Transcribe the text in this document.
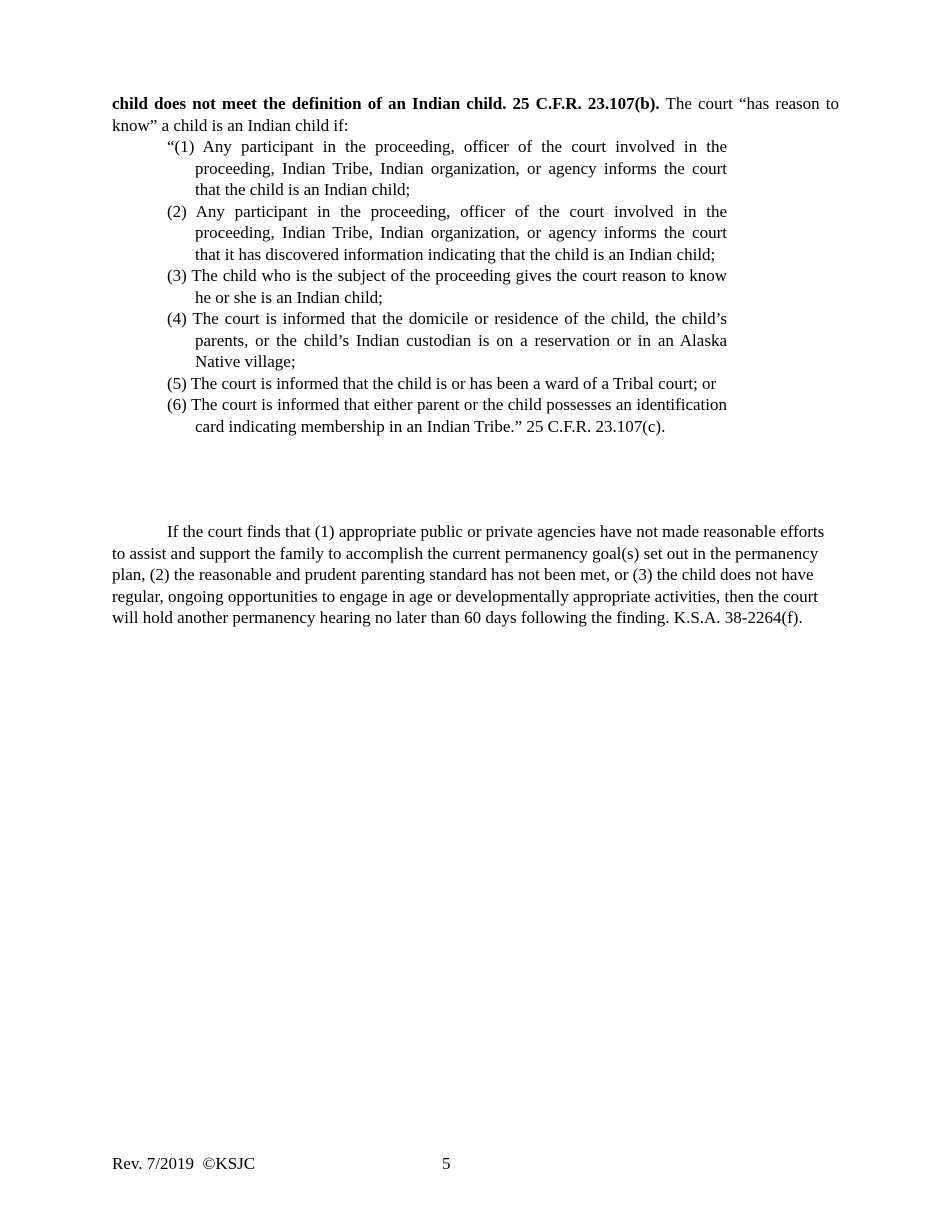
child does not meet the definition of an Indian child. 25 C.F.R. 23.107(b). The court “has reason to know” a child is an Indian child if:

“(1) Any participant in the proceeding, officer of the court involved in the proceeding, Indian Tribe, Indian organization, or agency informs the court that the child is an Indian child;
(2) Any participant in the proceeding, officer of the court involved in the proceeding, Indian Tribe, Indian organization, or agency informs the court that it has discovered information indicating that the child is an Indian child;
(3) The child who is the subject of the proceeding gives the court reason to know he or she is an Indian child;
(4) The court is informed that the domicile or residence of the child, the child’s parents, or the child’s Indian custodian is on a reservation or in an Alaska Native village;
(5) The court is informed that the child is or has been a ward of a Tribal court; or
(6) The court is informed that either parent or the child possesses an identification card indicating membership in an Indian Tribe.” 25 C.F.R. 23.107(c).

If the court finds that (1) appropriate public or private agencies have not made reasonable efforts to assist and support the family to accomplish the current permanency goal(s) set out in the permanency plan, (2) the reasonable and prudent parenting standard has not been met, or (3) the child does not have regular, ongoing opportunities to engage in age or developmentally appropriate activities, then the court will hold another permanency hearing no later than 60 days following the finding. K.S.A. 38-2264(f).

Rev. 7/2019  ©KSJC	5
